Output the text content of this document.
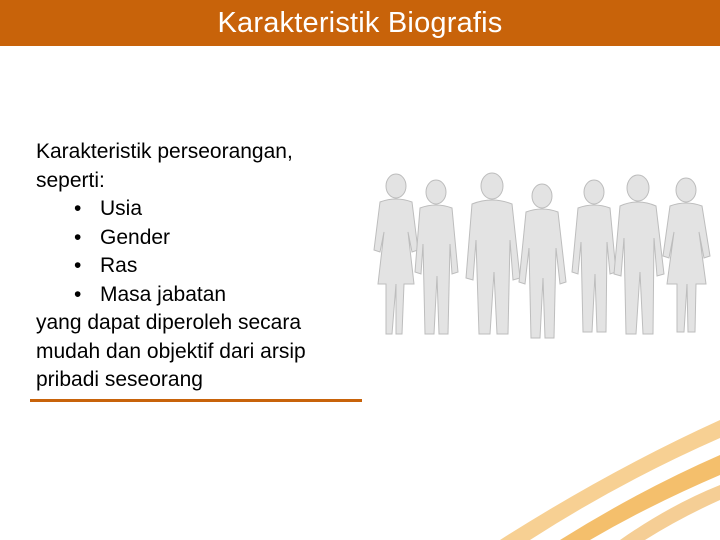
Karakteristik Biografis

Karakteristik perseorangan, seperti:

• Usia
• Gender
• Ras
• Masa jabatan

yang dapat diperoleh secara mudah dan objektif dari arsip pribadi seseorang
